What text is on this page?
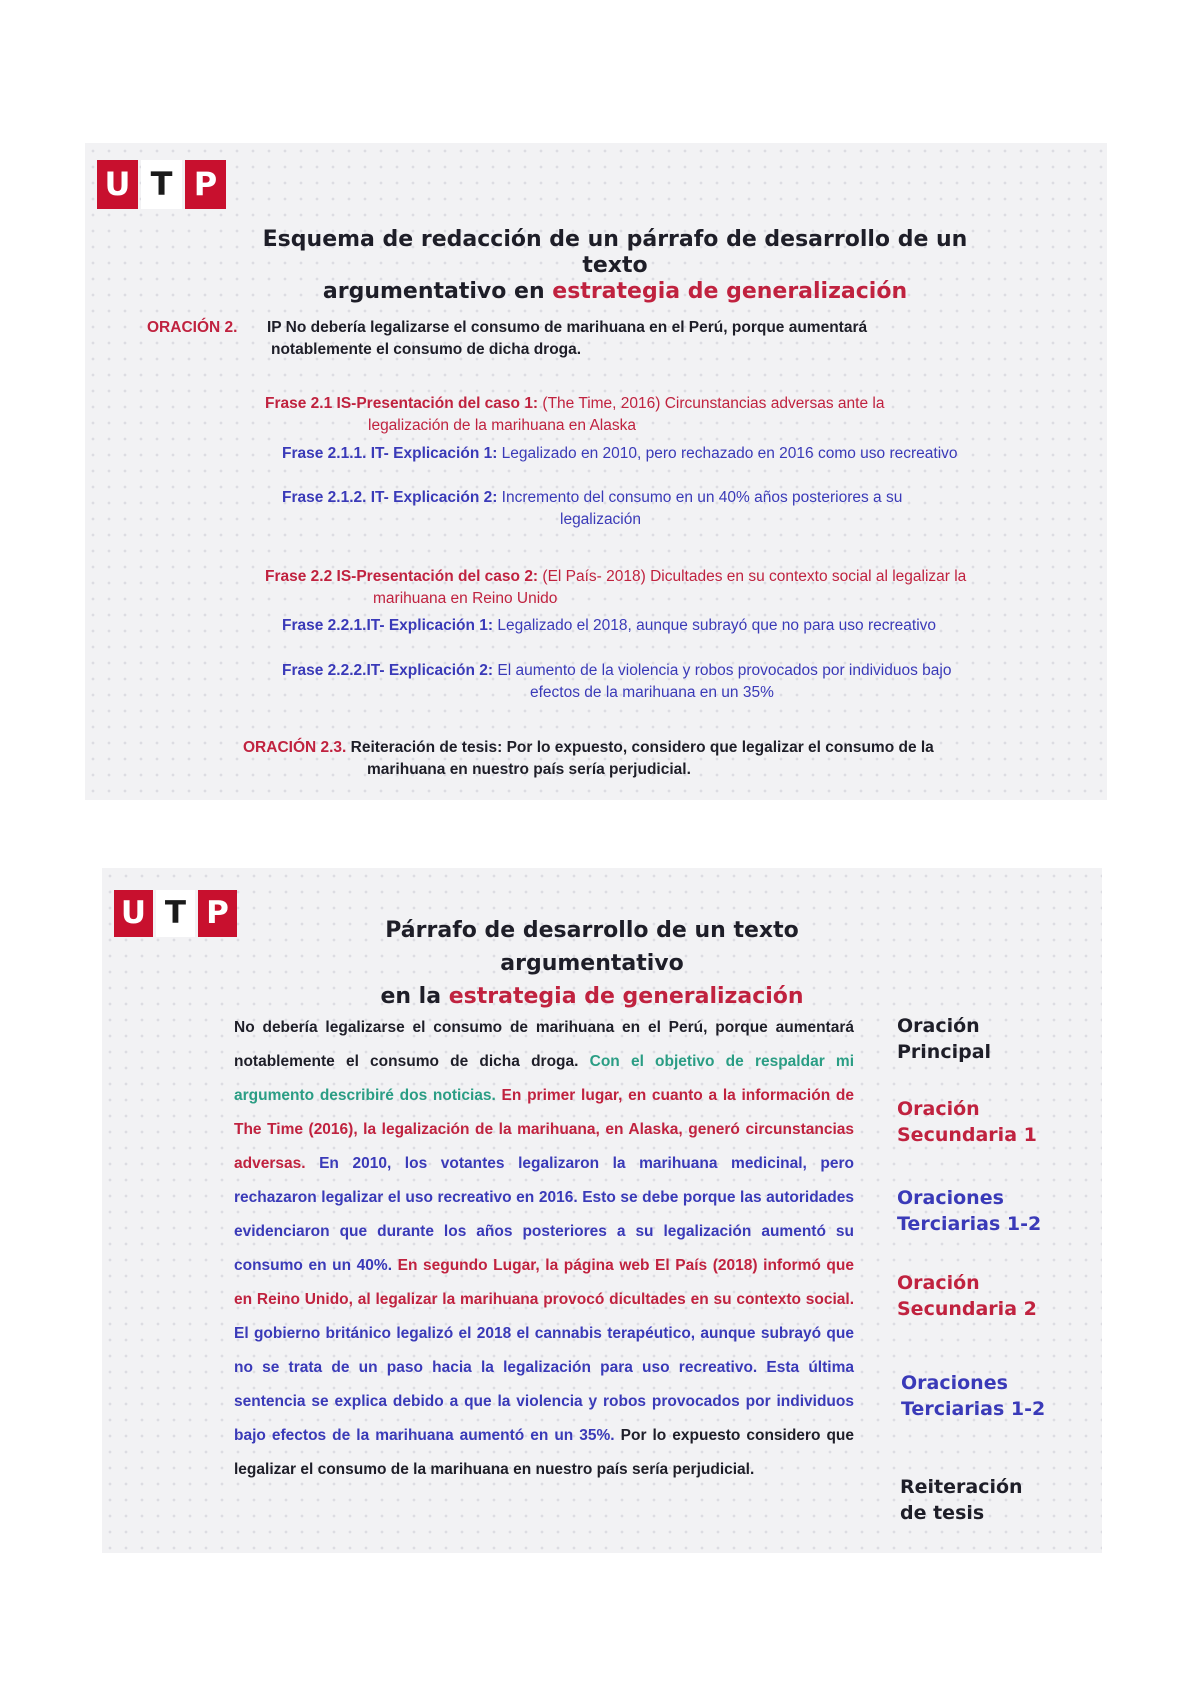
U T P
Esquema de redacción de un párrafo de desarrollo de un texto
argumentativo en estrategia de generalización
ORACIÓN 2. IP No debería legalizarse el consumo de marihuana en el Perú, porque aumentará
notablemente el consumo de dicha droga.
Frase 2.1 IS-Presentación del caso 1: (The Time, 2016) Circunstancias adversas ante la
legalización de la marihuana en Alaska
Frase 2.1.1. IT- Explicación 1: Legalizado en 2010, pero rechazado en 2016 como uso recreativo
Frase 2.1.2. IT- Explicación 2: Incremento del consumo en un 40% años posteriores a su
legalización
Frase 2.2 IS-Presentación del caso 2: (El País- 2018) Dicultades en su contexto social al legalizar la
marihuana en Reino Unido
Frase 2.2.1.IT- Explicación 1: Legalizado el 2018, aunque subrayó que no para uso recreativo
Frase 2.2.2.IT- Explicación 2: El aumento de la violencia y robos provocados por individuos bajo
efectos de la marihuana en un 35%
ORACIÓN 2.3. Reiteración de tesis: Por lo expuesto, considero que legalizar el consumo de la
marihuana en nuestro país sería perjudicial.
U T P	Párrafo de desarrollo de un texto argumentativo
en la estrategia de generalización

No debería legalizarse el consumo de marihuana en el Perú, porque aumentará notablemente el consumo de dicha droga. Con el objetivo de respaldar mi argumento describiré dos noticias. En primer lugar, en cuanto a la información de The Time (2016), la legalización de la marihuana, en Alaska, generó circunstancias adversas. En 2010, los votantes legalizaron la marihuana medicinal, pero rechazaron legalizar el uso recreativo en 2016. Esto se debe porque las autoridades evidenciaron que durante los años posteriores a su legalización aumentó su consumo en un 40%. En segundo Lugar, la página web El País (2018) informó que en Reino Unido, al legalizar la marihuana provocó dicultades en su contexto social. El gobierno británico legalizó el 2018 el cannabis terapéutico, aunque subrayó que no se trata de un paso hacia la legalización para uso recreativo. Esta última sentencia se explica debido a que la violencia y robos provocados por individuos bajo efectos de la marihuana aumentó en un 35%. Por lo expuesto considero que legalizar el consumo de la marihuana en nuestro país sería perjudicial.

Oración
Principal
Oración
Secundaria 1
Oraciones
Terciarias 1-2
Oración
Secundaria 2
Oraciones
Terciarias 1-2
Reiteración
de tesis
